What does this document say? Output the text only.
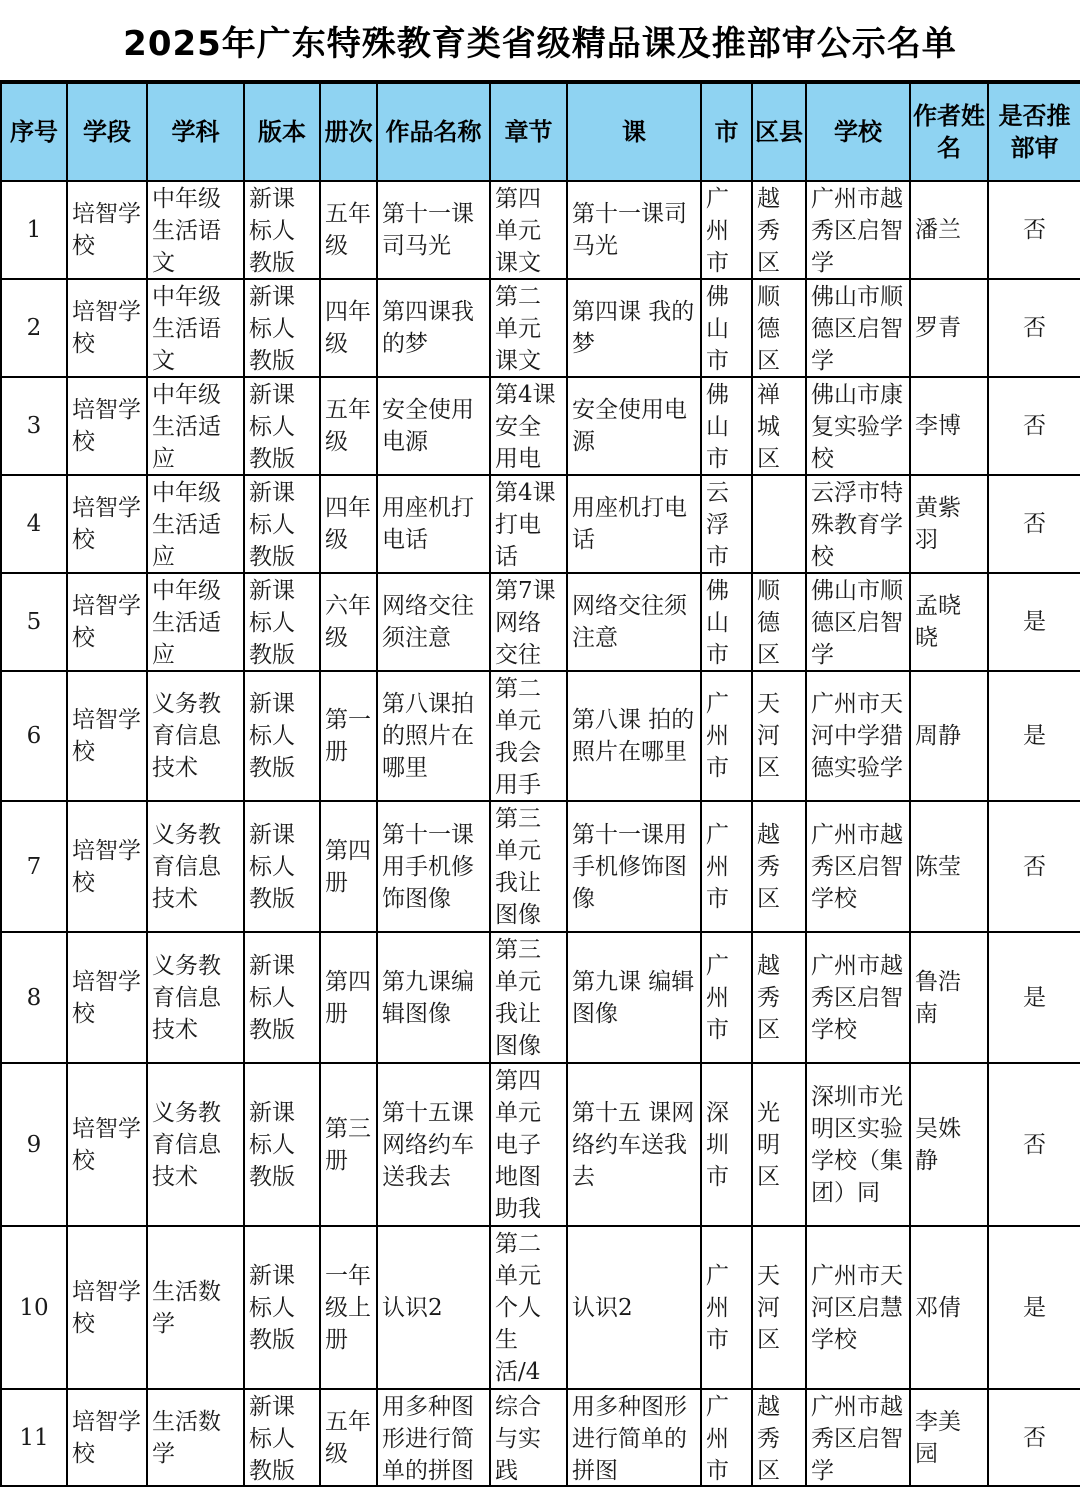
2025年广东特殊教育类省级精品课及推部审公示名单
序号	学段	学科	版本	册次	作品名称	章节	课	市	区县	学校	作者姓名	是否推部审

1	培智学校	中年级生活语文	新课标人教版	五年级	第十一课司马光	第四单元课文	第十一课司马光	广州市	越秀区	广州市越秀区启智学	潘兰	否

2	培智学校	中年级生活语文	新课标人教版	四年级	第四课我的梦	第二单元课文	第四课 我的梦	佛山市	顺德区	佛山市顺德区启智学	罗青	否

3	培智学校	中年级生活适应	新课标人教版	五年级	安全使用电源	第4课安全用电	安全使用电源	佛山市	禅城区	佛山市康复实验学校	李博	否

4	培智学校	中年级生活适应	新课标人教版	四年级	用座机打电话	第4课打电话	用座机打电话	云浮市		云浮市特殊教育学校	黄紫羽	否

5	培智学校	中年级生活适应	新课标人教版	六年级	网络交往须注意	第7课网络交往	网络交往须注意	佛山市	顺德区	佛山市顺德区启智学	孟晓晓	是

6	培智学校	义务教育信息技术	新课标人教版	第一册	第八课拍的照片在哪里	第二单元我会用手	第八课 拍的照片在哪里	广州市	天河区	广州市天河中学猎德实验学	周静	是

7	培智学校	义务教育信息技术	新课标人教版	第四册	第十一课用手机修饰图像	第三单元我让图像	第十一课用手机修饰图像	广州市	越秀区	广州市越秀区启智学校	陈莹	否

8	培智学校	义务教育信息技术	新课标人教版	第四册	第九课编辑图像	第三单元我让图像	第九课 编辑图像	广州市	越秀区	广州市越秀区启智学校	鲁浩南	是

9	培智学校	义务教育信息技术	新课标人教版	第三册	第十五课 网络约车送我去	第四单元电子地图助我	第十五 课网络约车送我去	深圳市	光明区	深圳市光明区实验学校（集团）同	吴姝静	否

10	培智学校	生活数学	新课标人教版	一年级上册	认识2	第二单元个人生活/4	认识2	广州市	天河区	广州市天河区启慧学校	邓倩	是

11	培智学校	生活数学	新课标人教版	五年级	用多种图形进行简单的拼图	综合与实践	用多种图形进行简单的拼图	广州市	越秀区	广州市越秀区启智学	李美园	否
